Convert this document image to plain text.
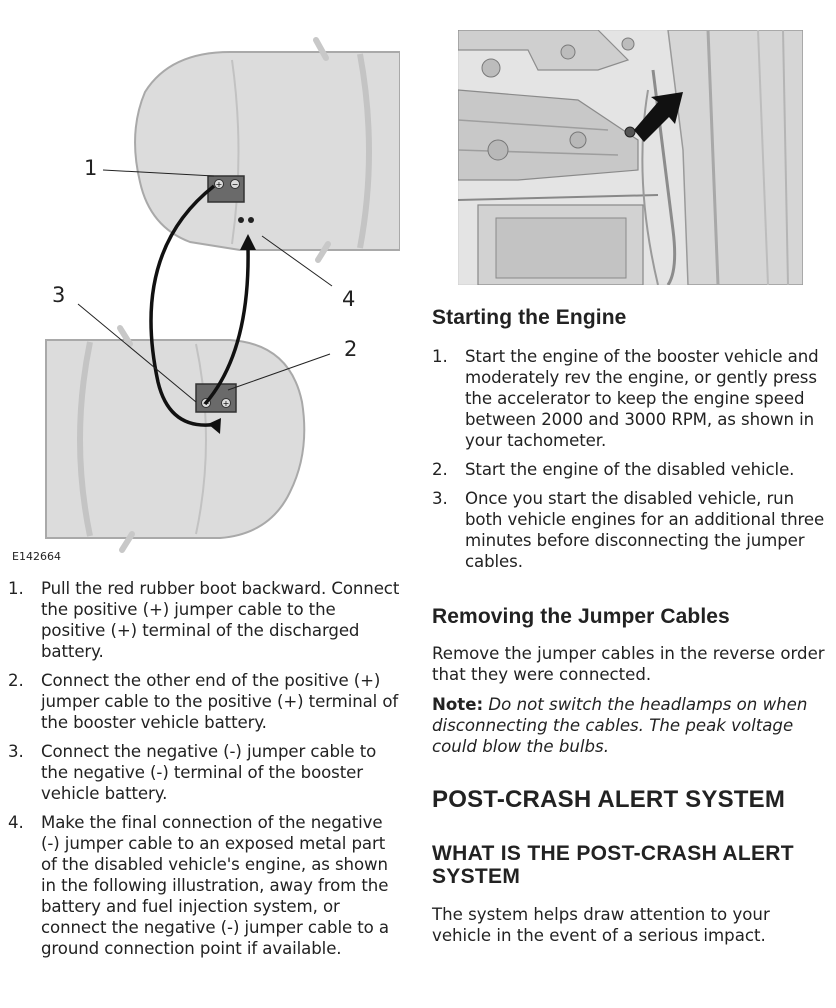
+ −
− +
1
4
3
2
E142664
1. Pull the red rubber boot backward. Connect the positive (+) jumper cable to the positive (+) terminal of the discharged battery.
2. Connect the other end of the positive (+) jumper cable to the positive (+) terminal of the booster vehicle battery.
3. Connect the negative (-) jumper cable to the negative (-) terminal of the booster vehicle battery.
4. Make the final connection of the negative (-) jumper cable to an exposed metal part of the disabled vehicle's engine, as shown in the following illustration, away from the battery and fuel injection system, or connect the negative (-) jumper cable to a ground connection point if available.
Starting the Engine
1. Start the engine of the booster vehicle and moderately rev the engine, or gently press the accelerator to keep the engine speed between 2000 and 3000 RPM, as shown in your tachometer.
2. Start the engine of the disabled vehicle.
3. Once you start the disabled vehicle, run both vehicle engines for an additional three minutes before disconnecting the jumper cables.
Removing the Jumper Cables

Remove the jumper cables in the reverse order that they were connected.

Note: Do not switch the headlamps on when disconnecting the cables. The peak voltage could blow the bulbs.

POST-CRASH ALERT SYSTEM
WHAT IS THE POST-CRASH ALERT SYSTEM

The system helps draw attention to your vehicle in the event of a serious impact.
